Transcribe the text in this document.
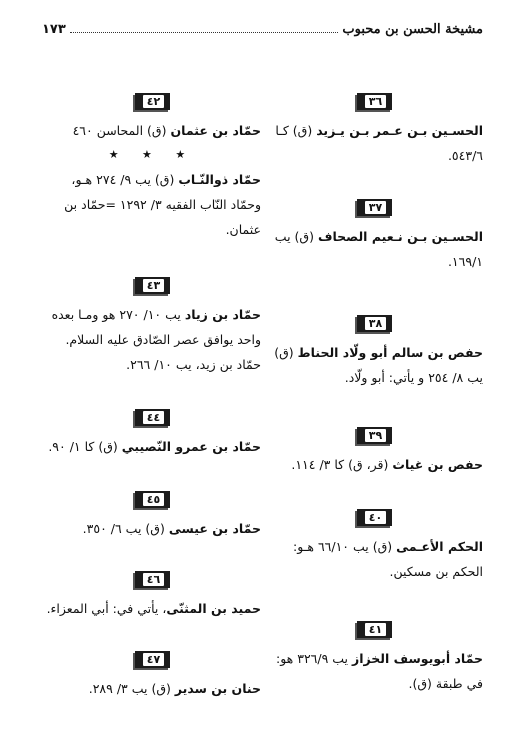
مشيخة الحسن بن محبوب
١٧٣
٣٦
الحسـين بـن عـمر بـن يـزيد (ق) كـا ٥٤٣/٦.
٣٧
الحسـين بـن نـعيم الصحاف (ق) يب ١٦٩/١.
٣٨
حفص بن سالم أبو ولّاد الحناط (ق) يب ٨/ ٢٥٤ و يأتي: أبو ولّاد.
٣٩
حفص بن غياث (قر، ق) كا ٣/ ١١٤.
٤٠
الحكم الأعـمى (ق) يب ٦٦/١٠ هـو: الحكم بن مسكين.
٤١
حمّاد أبويوسف الخزاز يب ٣٢٦/٩ هو: في طبقة (ق).
٤٢
حمّاد بن عثمان (ق) المحاسن ٤٦٠
★ ★ ★
حمّاد ذوالنّـاب (ق) يب ٩/ ٢٧٤ هـو، وحمّاد النّاب الفقيه ٣/ ١٢٩٢ =حمّاد بن عثمان.
٤٣
حمّاد بن زياد يب ١٠/ ٢٧٠ هو ومـا بعده واحد يوافق عصر الصّادق عليه السلام. حمّاد بن زيد، يب ١٠/ ٢٦٦.
٤٤
حمّاد بن عمرو النّصيبي (ق) كا ١/ ٩٠.
٤٥
حمّاد بن عيسى (ق) يب ٦/ ٣٥٠.
٤٦
حميد بن المثنّى، يأتي في: أبي المعزاء.
٤٧
حنان بن سدير (ق) يب ٣/ ٢٨٩.
